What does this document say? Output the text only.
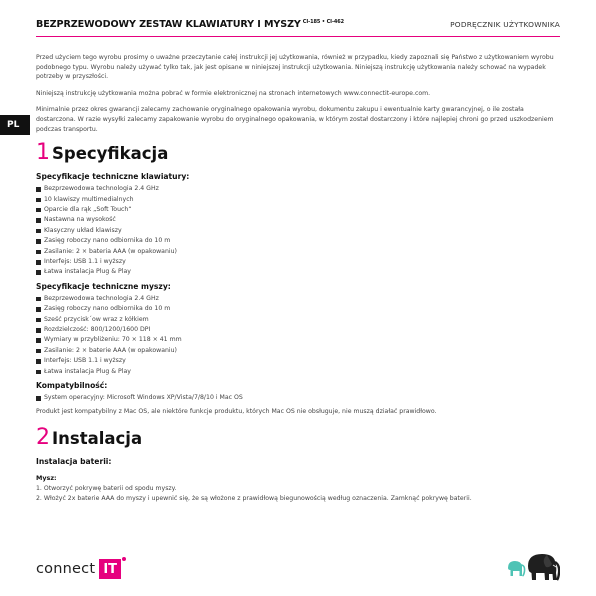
BEZPRZEWODOWY ZESTAW KLAWIATURY I MYSZY $^{CI-185 • CI-462}$	PODRĘCZNIK UŻYTKOWNIKA
PL

Przed użyciem tego wyrobu prosimy o uważne przeczytanie całej instrukcji jej użytkowania, również w przypadku, kiedy zapoznali się Państwo z użytkowaniem wyrobu podobnego typu. Wyrobu należy używać tylko tak, jak jest opisane w niniejszej instrukcji użytkowania. Niniejszą instrukcję użytkowania należy schować na wypadek potrzeby w przyszłości.

Niniejszą instrukcję użytkowania można pobrać w formie elektronicznej na stronach internetowych www.connectit-europe.com.

Minimalnie przez okres gwarancji zalecamy zachowanie oryginalnego opakowania wyrobu, dokumentu zakupu i ewentualnie karty gwarancyjnej, o ile została dostarczona. W razie wysyłki zalecamy zapakowanie wyrobu do oryginalnego opakowania, w którym został dostarczony i które najlepiej chroni go przed uszkodzeniem podczas transportu.

1 Specyfikacja
Specyfikacje techniczne klawiatury:
Bezprzewodowa technologia 2.4 GHz
10 klawiszy multimedialnych
Oparcie dla rąk „Soft Touch“
Nastawna na wysokość
Klasyczny układ klawiszy
Zasięg roboczy nano odbiornika do 10 m
Zasilanie: 2 × bateria AAA (w opakowaniu)
Interfejs: USB 1.1 i wyższy
Łatwa instalacja Plug & Play
Specyfikacje techniczne myszy:
Bezprzewodowa technologia 2.4 GHz
Zasięg roboczy nano odbiornika do 10 m
Sześć przycisk´ow wraz z kółkiem
Rozdzielczość: 800/1200/1600 DPI
Wymiary w przybliżeniu: 70 × 118 × 41 mm
Zasilanie: 2 × baterie AAA (w opakowaniu)
Interfejs: USB 1.1 i wyższy
Łatwa instalacja Plug & Play
Kompatybilność:
System operacyjny: Microsoft Windows XP/Vista/7/8/10 i Mac OS

Produkt jest kompatybilny z Mac OS, ale niektóre funkcje produktu, których Mac OS nie obsługuje, nie muszą działać prawidłowo.

2 Instalacja
Instalacja baterii:
Mysz:

1. Otworzyć pokrywę baterii od spodu myszy.

2. Włożyć 2x baterie AAA do myszy i upewnić się, że są włożone z prawidłową biegunowością według oznaczenia. Zamknąć pokrywę baterii.

connect IT
